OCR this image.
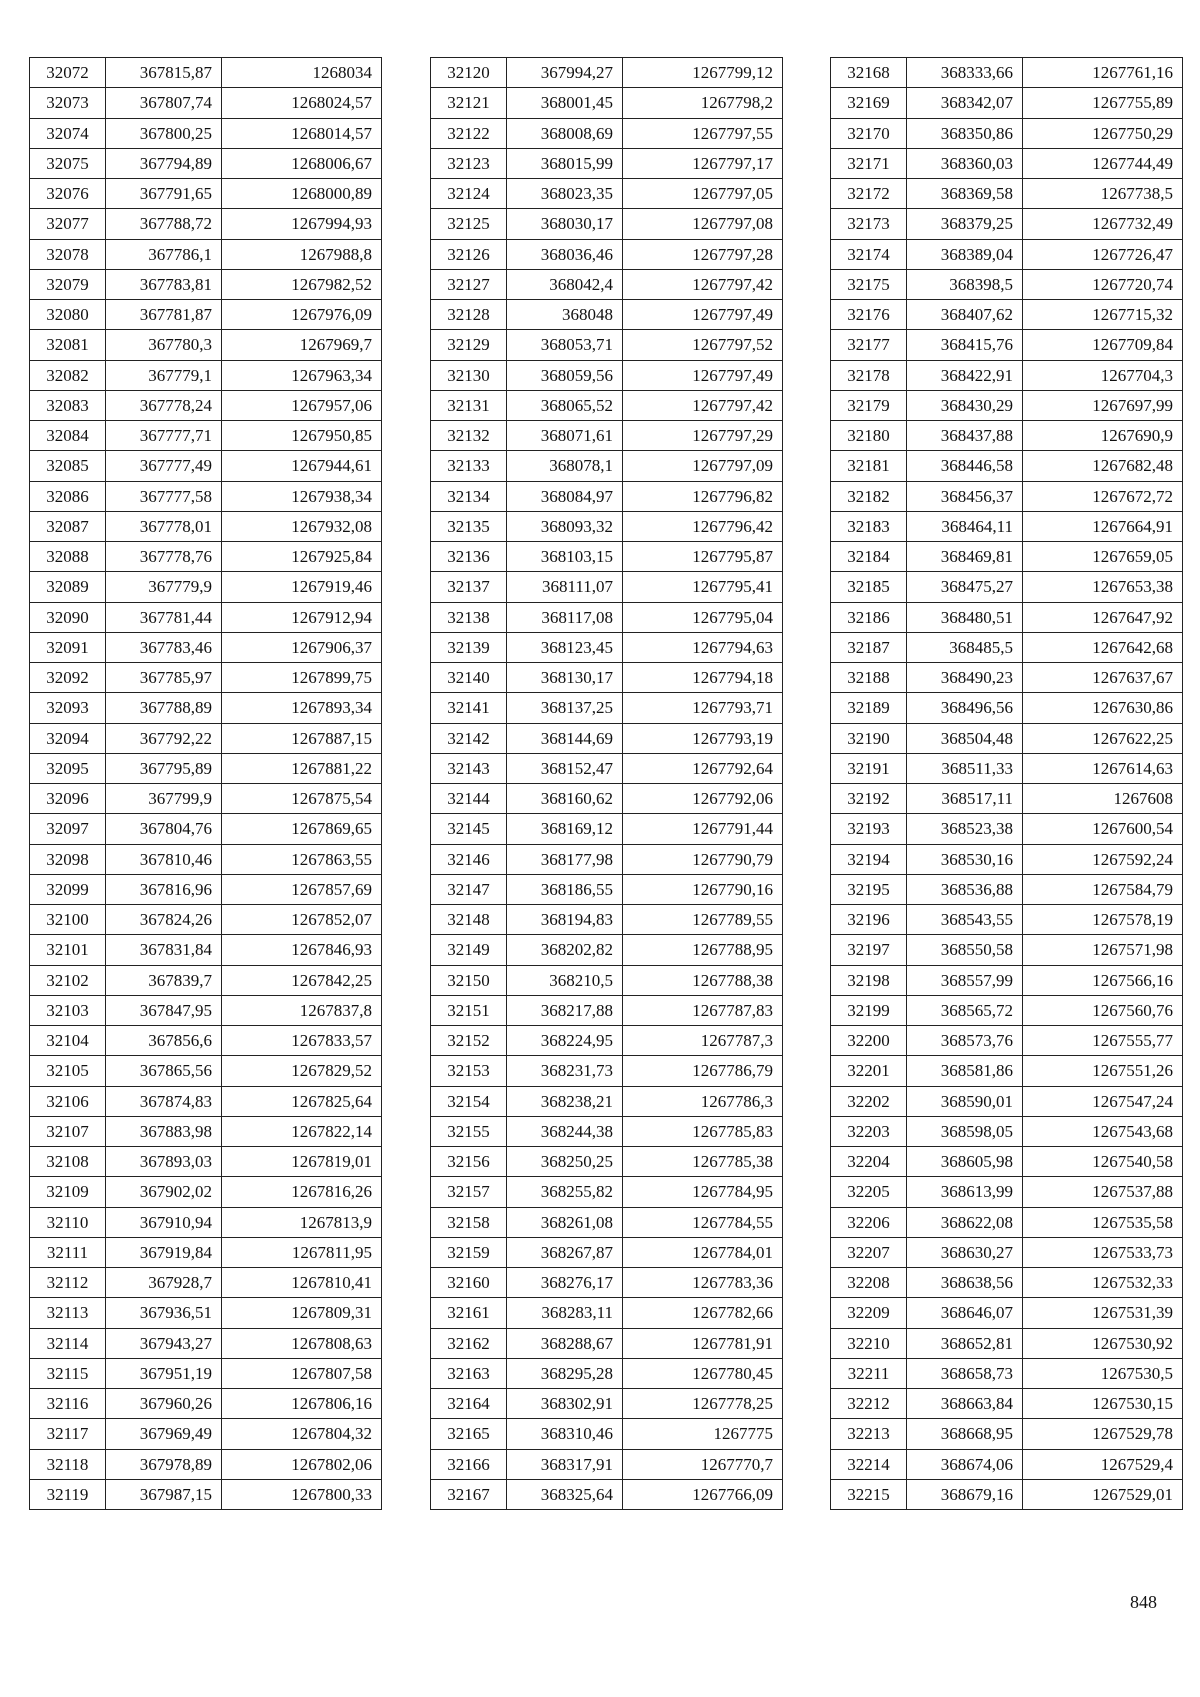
32072	367815,87	1268034
32073	367807,74	1268024,57
32074	367800,25	1268014,57
32075	367794,89	1268006,67
32076	367791,65	1268000,89
32077	367788,72	1267994,93
32078	367786,1	1267988,8
32079	367783,81	1267982,52
32080	367781,87	1267976,09
32081	367780,3	1267969,7
32082	367779,1	1267963,34
32083	367778,24	1267957,06
32084	367777,71	1267950,85
32085	367777,49	1267944,61
32086	367777,58	1267938,34
32087	367778,01	1267932,08
32088	367778,76	1267925,84
32089	367779,9	1267919,46
32090	367781,44	1267912,94
32091	367783,46	1267906,37
32092	367785,97	1267899,75
32093	367788,89	1267893,34
32094	367792,22	1267887,15
32095	367795,89	1267881,22
32096	367799,9	1267875,54
32097	367804,76	1267869,65
32098	367810,46	1267863,55
32099	367816,96	1267857,69
32100	367824,26	1267852,07
32101	367831,84	1267846,93
32102	367839,7	1267842,25
32103	367847,95	1267837,8
32104	367856,6	1267833,57
32105	367865,56	1267829,52
32106	367874,83	1267825,64
32107	367883,98	1267822,14
32108	367893,03	1267819,01
32109	367902,02	1267816,26
32110	367910,94	1267813,9
32111	367919,84	1267811,95
32112	367928,7	1267810,41
32113	367936,51	1267809,31
32114	367943,27	1267808,63
32115	367951,19	1267807,58
32116	367960,26	1267806,16
32117	367969,49	1267804,32
32118	367978,89	1267802,06
32119	367987,15	1267800,33
32120	367994,27	1267799,12
32121	368001,45	1267798,2
32122	368008,69	1267797,55
32123	368015,99	1267797,17
32124	368023,35	1267797,05
32125	368030,17	1267797,08
32126	368036,46	1267797,28
32127	368042,4	1267797,42
32128	368048	1267797,49
32129	368053,71	1267797,52
32130	368059,56	1267797,49
32131	368065,52	1267797,42
32132	368071,61	1267797,29
32133	368078,1	1267797,09
32134	368084,97	1267796,82
32135	368093,32	1267796,42
32136	368103,15	1267795,87
32137	368111,07	1267795,41
32138	368117,08	1267795,04
32139	368123,45	1267794,63
32140	368130,17	1267794,18
32141	368137,25	1267793,71
32142	368144,69	1267793,19
32143	368152,47	1267792,64
32144	368160,62	1267792,06
32145	368169,12	1267791,44
32146	368177,98	1267790,79
32147	368186,55	1267790,16
32148	368194,83	1267789,55
32149	368202,82	1267788,95
32150	368210,5	1267788,38
32151	368217,88	1267787,83
32152	368224,95	1267787,3
32153	368231,73	1267786,79
32154	368238,21	1267786,3
32155	368244,38	1267785,83
32156	368250,25	1267785,38
32157	368255,82	1267784,95
32158	368261,08	1267784,55
32159	368267,87	1267784,01
32160	368276,17	1267783,36
32161	368283,11	1267782,66
32162	368288,67	1267781,91
32163	368295,28	1267780,45
32164	368302,91	1267778,25
32165	368310,46	1267775
32166	368317,91	1267770,7
32167	368325,64	1267766,09
32168	368333,66	1267761,16
32169	368342,07	1267755,89
32170	368350,86	1267750,29
32171	368360,03	1267744,49
32172	368369,58	1267738,5
32173	368379,25	1267732,49
32174	368389,04	1267726,47
32175	368398,5	1267720,74
32176	368407,62	1267715,32
32177	368415,76	1267709,84
32178	368422,91	1267704,3
32179	368430,29	1267697,99
32180	368437,88	1267690,9
32181	368446,58	1267682,48
32182	368456,37	1267672,72
32183	368464,11	1267664,91
32184	368469,81	1267659,05
32185	368475,27	1267653,38
32186	368480,51	1267647,92
32187	368485,5	1267642,68
32188	368490,23	1267637,67
32189	368496,56	1267630,86
32190	368504,48	1267622,25
32191	368511,33	1267614,63
32192	368517,11	1267608
32193	368523,38	1267600,54
32194	368530,16	1267592,24
32195	368536,88	1267584,79
32196	368543,55	1267578,19
32197	368550,58	1267571,98
32198	368557,99	1267566,16
32199	368565,72	1267560,76
32200	368573,76	1267555,77
32201	368581,86	1267551,26
32202	368590,01	1267547,24
32203	368598,05	1267543,68
32204	368605,98	1267540,58
32205	368613,99	1267537,88
32206	368622,08	1267535,58
32207	368630,27	1267533,73
32208	368638,56	1267532,33
32209	368646,07	1267531,39
32210	368652,81	1267530,92
32211	368658,73	1267530,5
32212	368663,84	1267530,15
32213	368668,95	1267529,78
32214	368674,06	1267529,4
32215	368679,16	1267529,01
848
